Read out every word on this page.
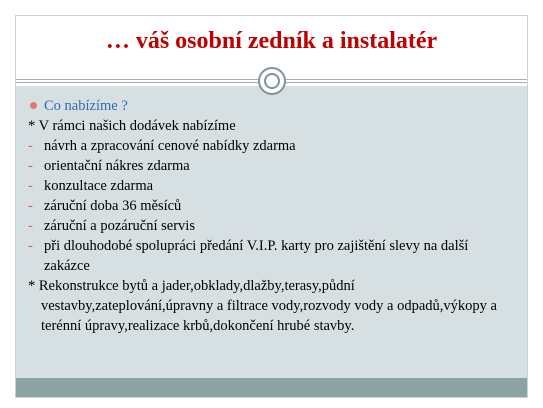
… váš osobní zedník a instalatér
Co nabízíme ?
* V rámci našich dodávek nabízíme
- návrh a zpracování cenové nabídky zdarma
- orientační nákres zdarma
- konzultace zdarma
- záruční doba 36 měsíců
- záruční a pozáruční servis
- při dlouhodobé spolupráci předání V.I.P. karty pro zajištění slevy na další zakázce
* Rekonstrukce bytů a jader,obklady,dlažby,terasy,půdní vestavby,zateplování,úpravny a filtrace vody,rozvody vody a odpadů,výkopy a terénní úpravy,realizace krbů,dokončení hrubé stavby.
